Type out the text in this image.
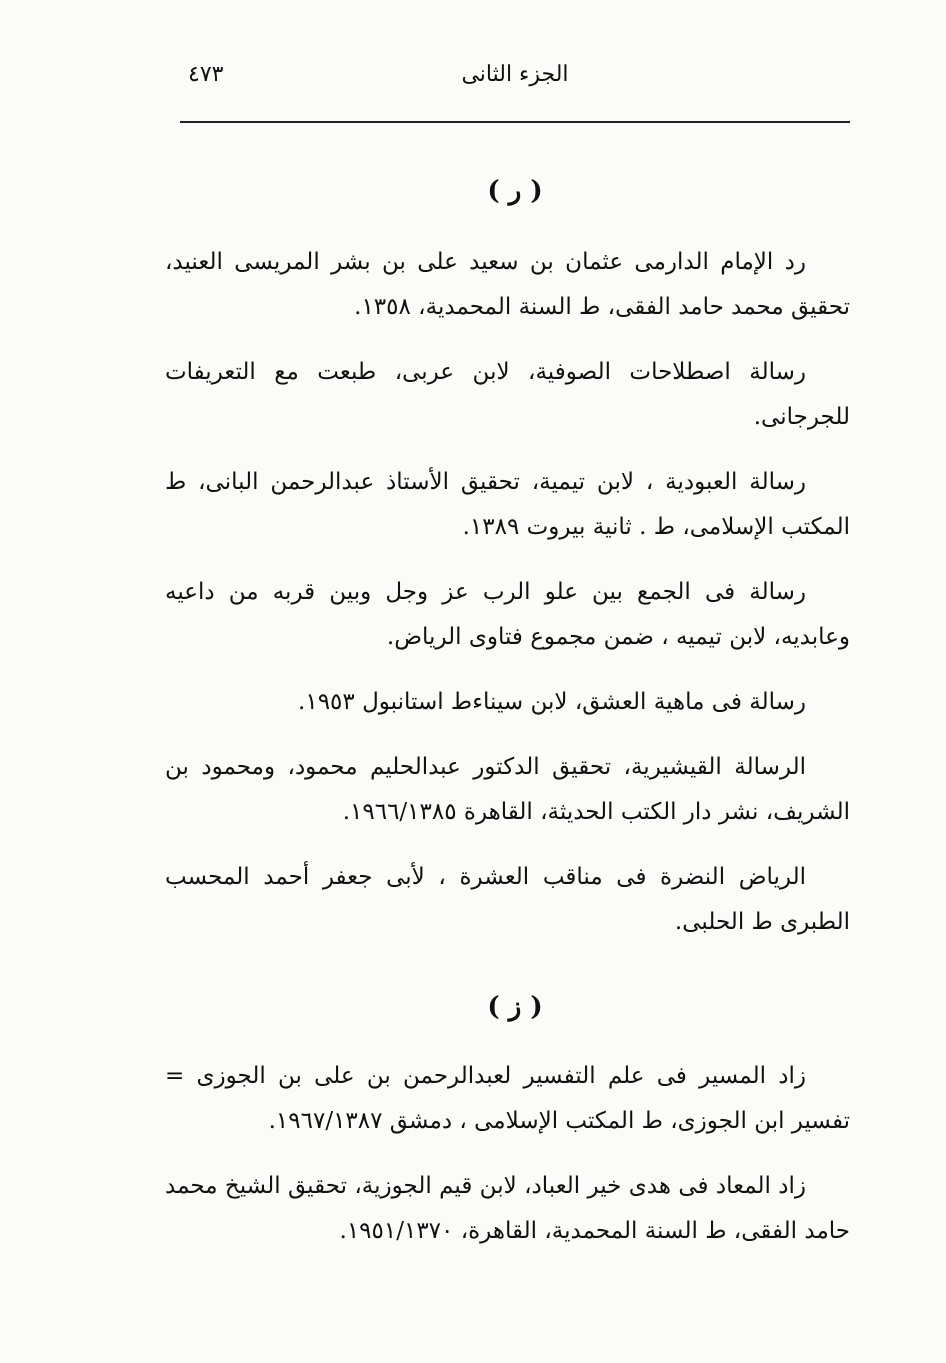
الجزء الثانى
٤٧٣
( ر )

رد الإمام الدارمى عثمان بن سعيد على بن بشر المريسى العنيد، تحقيق محمد حامد الفقى، ط السنة المحمدية، ١٣٥٨.

رسالة اصطلاحات الصوفية، لابن عربى، طبعت مع التعريفات للجرجانى.

رسالة العبودية ، لابن تيمية، تحقيق الأستاذ عبدالرحمن البانى، ط المكتب الإسلامى، ط . ثانية بيروت ١٣٨٩.

رسالة فى الجمع بين علو الرب عز وجل وبين قربه من داعيه وعابديه، لابن تيميه ، ضمن مجموع فتاوى الرياض.

رسالة فى ماهية العشق، لابن سيناءط استانبول ١٩٥٣.

الرسالة القيشيرية، تحقيق الدكتور عبدالحليم محمود، ومحمود بن الشريف، نشر دار الكتب الحديثة، القاهرة ١٩٦٦/١٣٨٥.

الرياض النضرة فى مناقب العشرة ، لأبى جعفر أحمد المحسب الطبرى ط الحلبى.

( ز )

زاد المسير فى علم التفسير لعبدالرحمن بن على بن الجوزى = تفسير ابن الجوزى، ط المكتب الإسلامى ، دمشق ١٩٦٧/١٣٨٧.

زاد المعاد فى هدى خير العباد، لابن قيم الجوزية، تحقيق الشيخ محمد حامد الفقى، ط السنة المحمدية، القاهرة، ١٩٥١/١٣٧٠.
